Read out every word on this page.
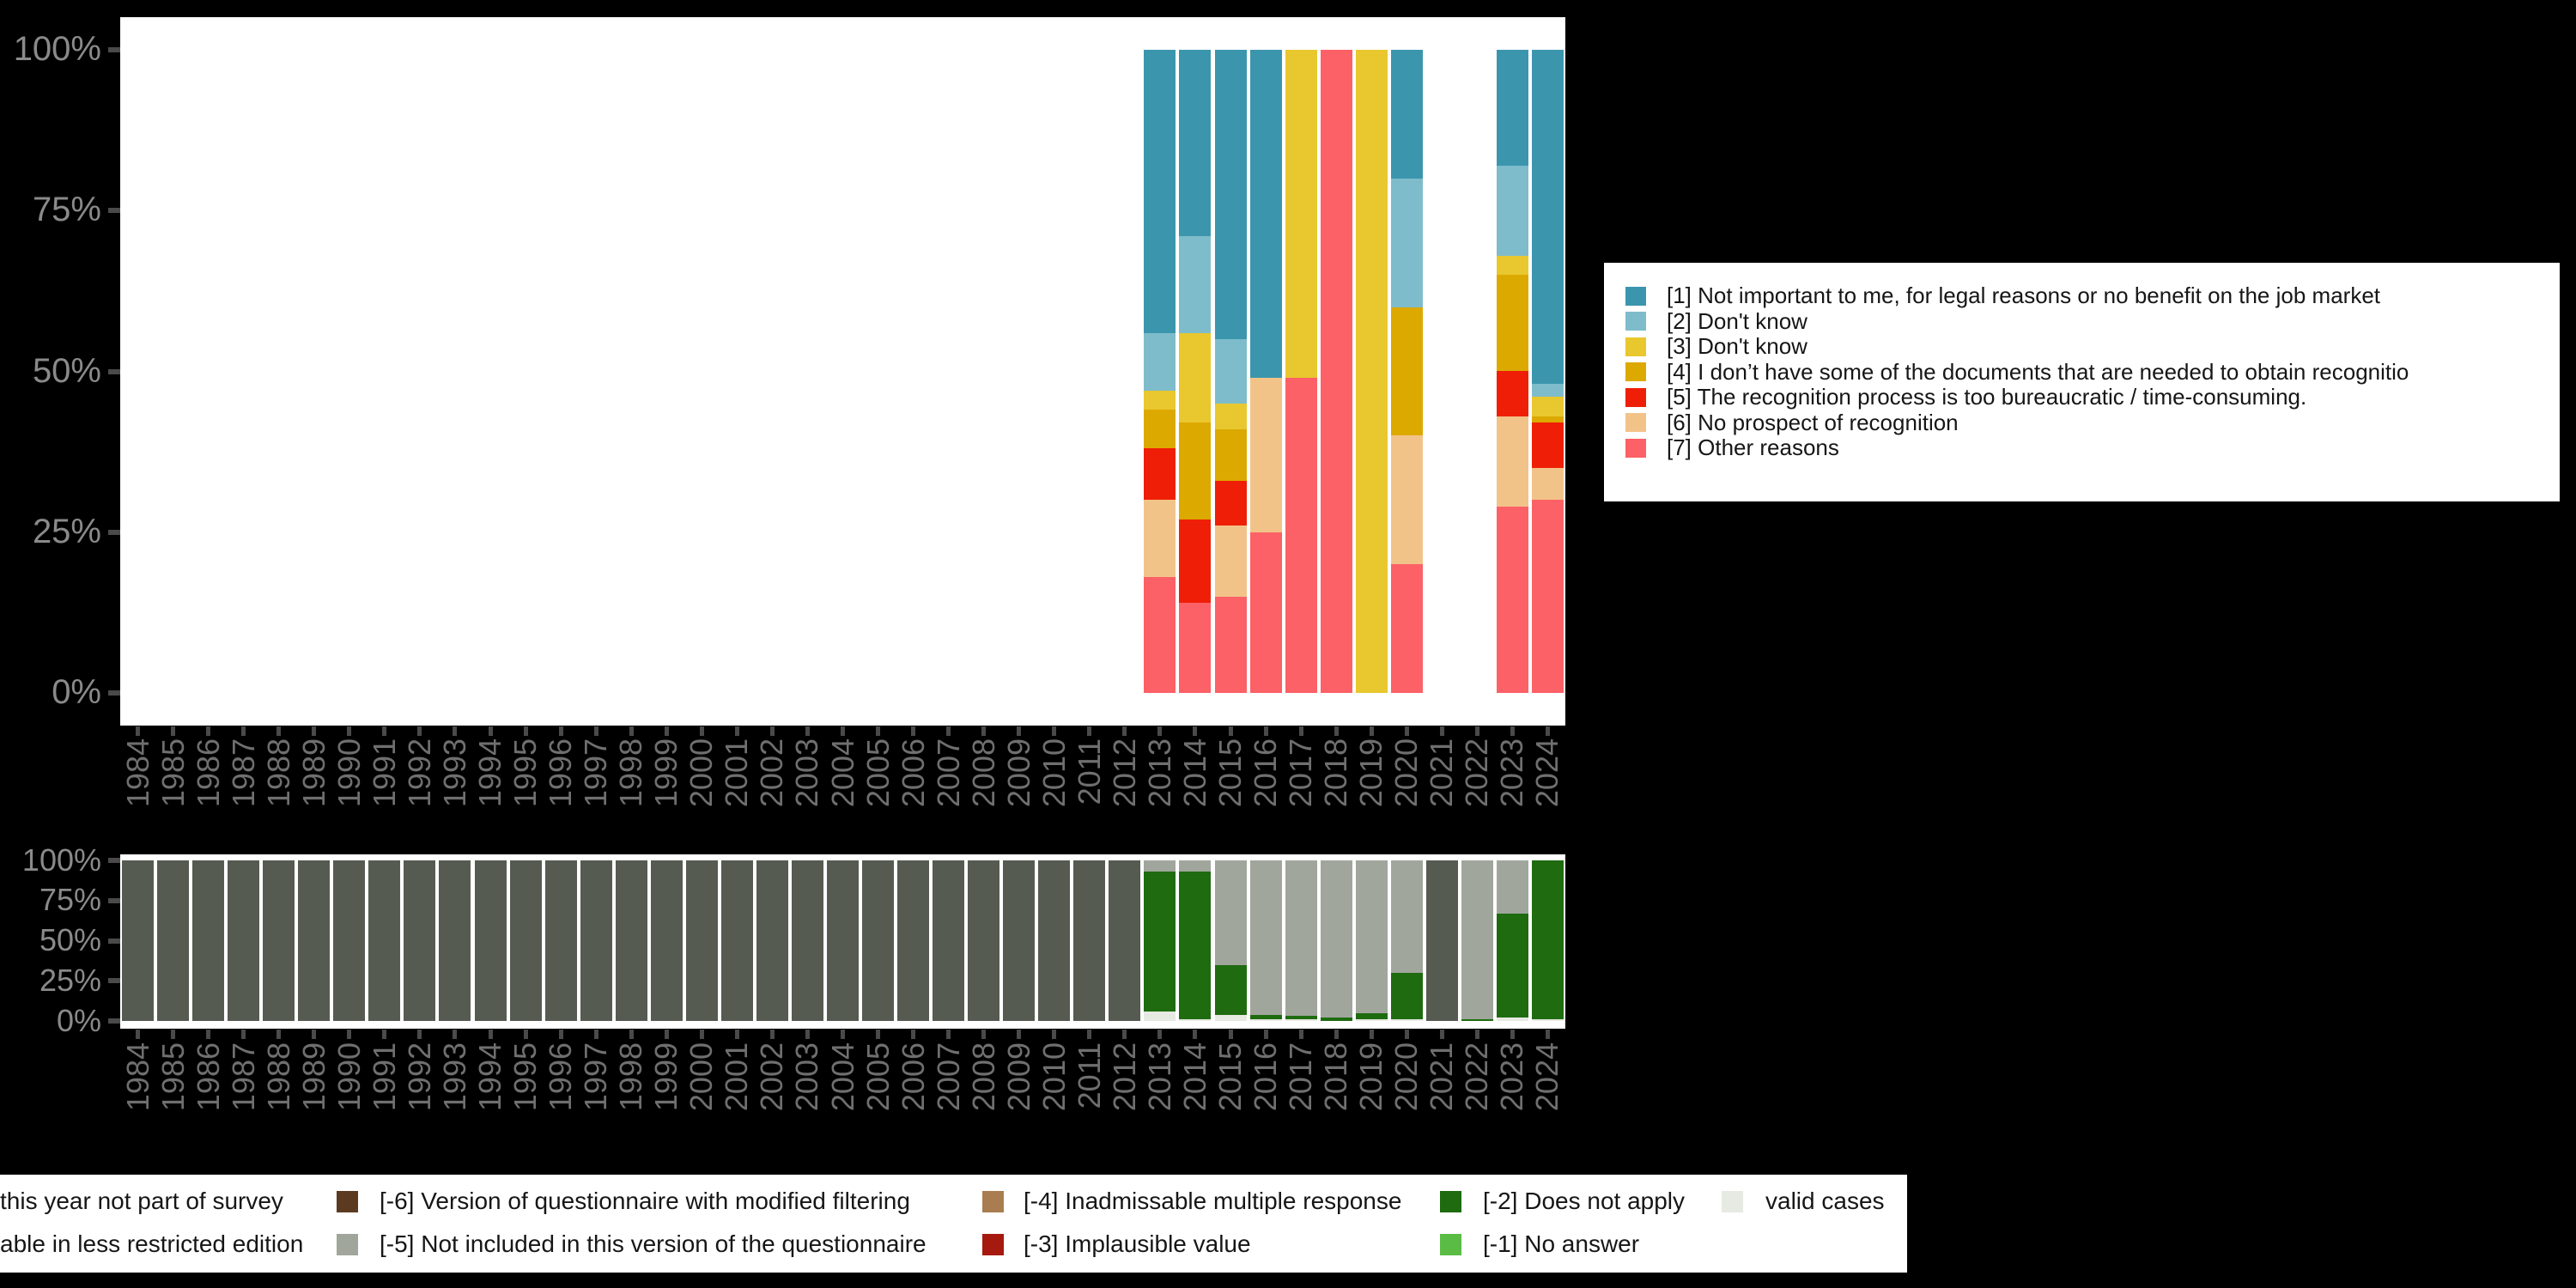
1984 1985 1986 1987 1988 1989 1990 1991 1992 1993 1994 1995 1996 1997 1998 1999 2000 2001 2002 2003 2004 2005 2006 2007 2008 2009 2010 2011 2012 2013 2014 2015 2016 2017 2018 2019 2020 2021 2022 2023 2024
100%
75%
50%
25%
0%
[1] Not important to me, for legal reasons or no benefit on the job market
[2] Don't know
[3] Don't know
[4] I don’t have some of the documents that are needed to obtain recognitio
[5] The recognition process is too bureaucratic / time-consuming.
[6] No prospect of recognition
[7] Other reasons
1984 1985 1986 1987 1988 1989 1990 1991 1992 1993 1994 1995 1996 1997 1998 1999 2000 2001 2002 2003 2004 2005 2006 2007 2008 2009 2010 2011 2012 2013 2014 2015 2016 2017 2018 2019 2020 2021 2022 2023 2024
100%
75%
50%
25%
0%
this year not part of survey	[-6] Version of questionnaire with modified filtering	[-4] Inadmissable multiple response	[-2] Does not apply	valid cases
able in less restricted edition	[-5] Not included in this version of the questionnaire	[-3] Implausible value	[-1] No answer
